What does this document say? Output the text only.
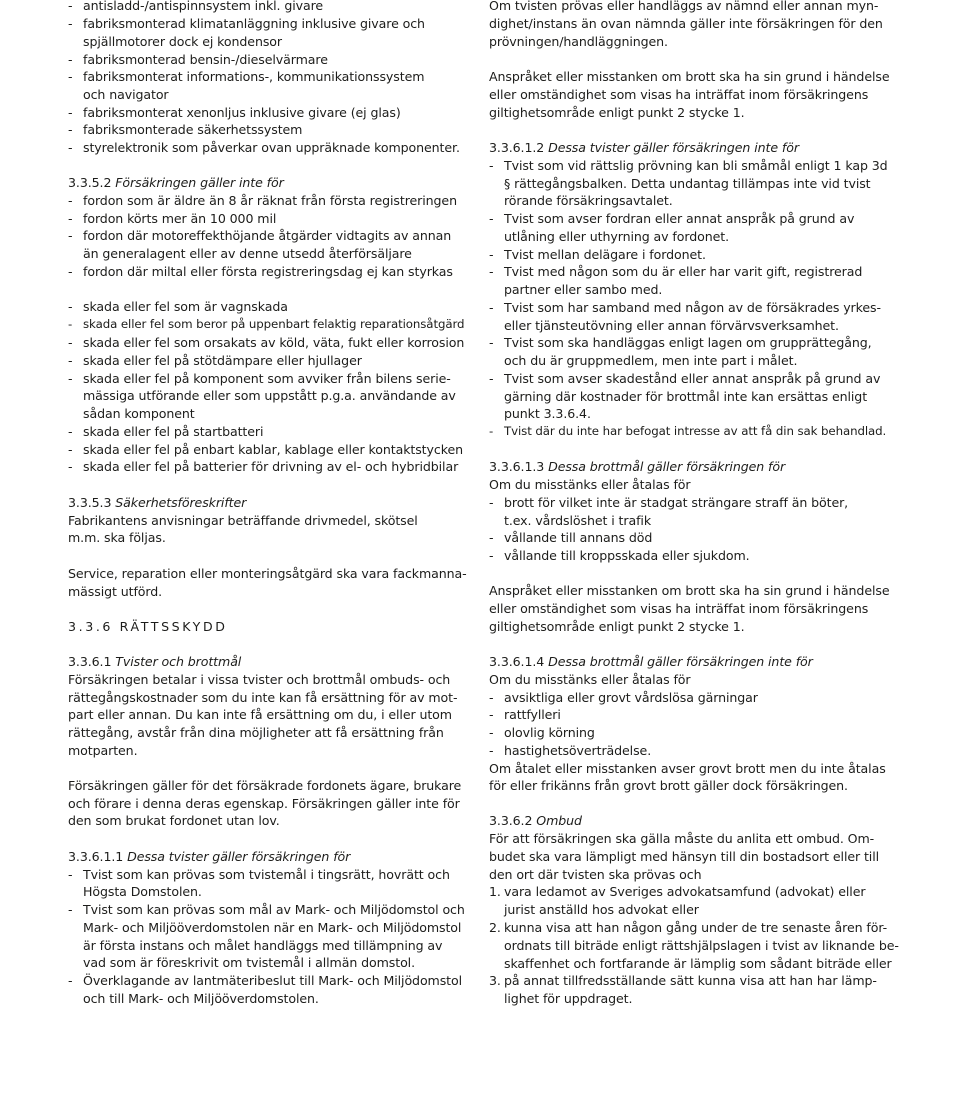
- antisladd-/antispinnsystem inkl. givare
- fabriksmonterad klimatanläggning inklusive givare och
spjällmotorer dock ej kondensor
- fabriksmonterad bensin-/dieselvärmare
- fabriksmonterat informations-, kommunikationssystem
och navigator
- fabriksmonterat xenonljus inklusive givare (ej glas)
- fabriksmonterade säkerhetssystem
- styrelektronik som påverkar ovan uppräknade komponenter.
3.3.5.2 Försäkringen gäller inte för
- fordon som är äldre än 8 år räknat från första registreringen
- fordon körts mer än 10 000 mil
- fordon där motoreffekthöjande åtgärder vidtagits av annan
än generalagent eller av denne utsedd återförsäljare
- fordon där miltal eller första registreringsdag ej kan styrkas
- skada eller fel som är vagnskada
- skada eller fel som beror på uppenbart felaktig reparationsåtgärd
- skada eller fel som orsakats av köld, väta, fukt eller korrosion
- skada eller fel på stötdämpare eller hjullager
- skada eller fel på komponent som avviker från bilens serie-
mässiga utförande eller som uppstått p.g.a. användande av
sådan komponent
- skada eller fel på startbatteri
- skada eller fel på enbart kablar, kablage eller kontaktstycken
- skada eller fel på batterier för drivning av el- och hybridbilar
3.3.5.3 Säkerhetsföreskrifter
Fabrikantens anvisningar beträffande drivmedel, skötsel
m.m. ska följas.
Service, reparation eller monteringsåtgärd ska vara fackmanna-
mässigt utförd.
3.3.6 RÄTTSSKYDD
3.3.6.1 Tvister och brottmål
Försäkringen betalar i vissa tvister och brottmål ombuds- och
rättegångskostnader som du inte kan få ersättning för av mot-
part eller annan. Du kan inte få ersättning om du, i eller utom
rättegång, avstår från dina möjligheter att få ersättning från
motparten.
Försäkringen gäller för det försäkrade fordonets ägare, brukare
och förare i denna deras egenskap. Försäkringen gäller inte för
den som brukat fordonet utan lov.
3.3.6.1.1 Dessa tvister gäller försäkringen för
- Tvist som kan prövas som tvistemål i tingsrätt, hovrätt och
Högsta Domstolen.
- Tvist som kan prövas som mål av Mark- och Miljödomstol och
Mark- och Miljööverdomstolen när en Mark- och Miljödomstol
är första instans och målet handläggs med tillämpning av
vad som är föreskrivit om tvistemål i allmän domstol.
- Överklagande av lantmäteribeslut till Mark- och Miljödomstol
och till Mark- och Miljööverdomstolen.
Om tvisten prövas eller handläggs av nämnd eller annan myn-
dighet/instans än ovan nämnda gäller inte försäkringen för den
prövningen/handläggningen.
Anspråket eller misstanken om brott ska ha sin grund i händelse
eller omständighet som visas ha inträffat inom försäkringens
giltighetsområde enligt punkt 2 stycke 1.
3.3.6.1.2 Dessa tvister gäller försäkringen inte för
- Tvist som vid rättslig prövning kan bli småmål enligt 1 kap 3d
§ rättegångsbalken. Detta undantag tillämpas inte vid tvist
rörande försäkringsavtalet.
- Tvist som avser fordran eller annat anspråk på grund av
utlåning eller uthyrning av fordonet.
- Tvist mellan delägare i fordonet.
- Tvist med någon som du är eller har varit gift, registrerad
partner eller sambo med.
- Tvist som har samband med någon av de försäkrades yrkes-
eller tjänsteutövning eller annan förvärvsverksamhet.
- Tvist som ska handläggas enligt lagen om grupprättegång,
och du är gruppmedlem, men inte part i målet.
- Tvist som avser skadestånd eller annat anspråk på grund av
gärning där kostnader för brottmål inte kan ersättas enligt
punkt 3.3.6.4.
- Tvist där du inte har befogat intresse av att få din sak behandlad.
3.3.6.1.3 Dessa brottmål gäller försäkringen för
Om du misstänks eller åtalas för
- brott för vilket inte är stadgat strängare straff än böter,
t.ex. vårdslöshet i trafik
- vållande till annans död
- vållande till kroppsskada eller sjukdom.
Anspråket eller misstanken om brott ska ha sin grund i händelse
eller omständighet som visas ha inträffat inom försäkringens
giltighetsområde enligt punkt 2 stycke 1.
3.3.6.1.4 Dessa brottmål gäller försäkringen inte för
Om du misstänks eller åtalas för
- avsiktliga eller grovt vårdslösa gärningar
- rattfylleri
- olovlig körning
- hastighetsöverträdelse.
Om åtalet eller misstanken avser grovt brott men du inte åtalas
för eller frikänns från grovt brott gäller dock försäkringen.
3.3.6.2 Ombud
För att försäkringen ska gälla måste du anlita ett ombud. Om-
budet ska vara lämpligt med hänsyn till din bostadsort eller till
den ort där tvisten ska prövas och
1. vara ledamot av Sveriges advokatsamfund (advokat) eller
jurist anställd hos advokat eller
2. kunna visa att han någon gång under de tre senaste åren för-
ordnats till biträde enligt rättshjälpslagen i tvist av liknande be-
skaffenhet och fortfarande är lämplig som sådant biträde eller
3. på annat tillfredsställande sätt kunna visa att han har lämp-
lighet för uppdraget.
